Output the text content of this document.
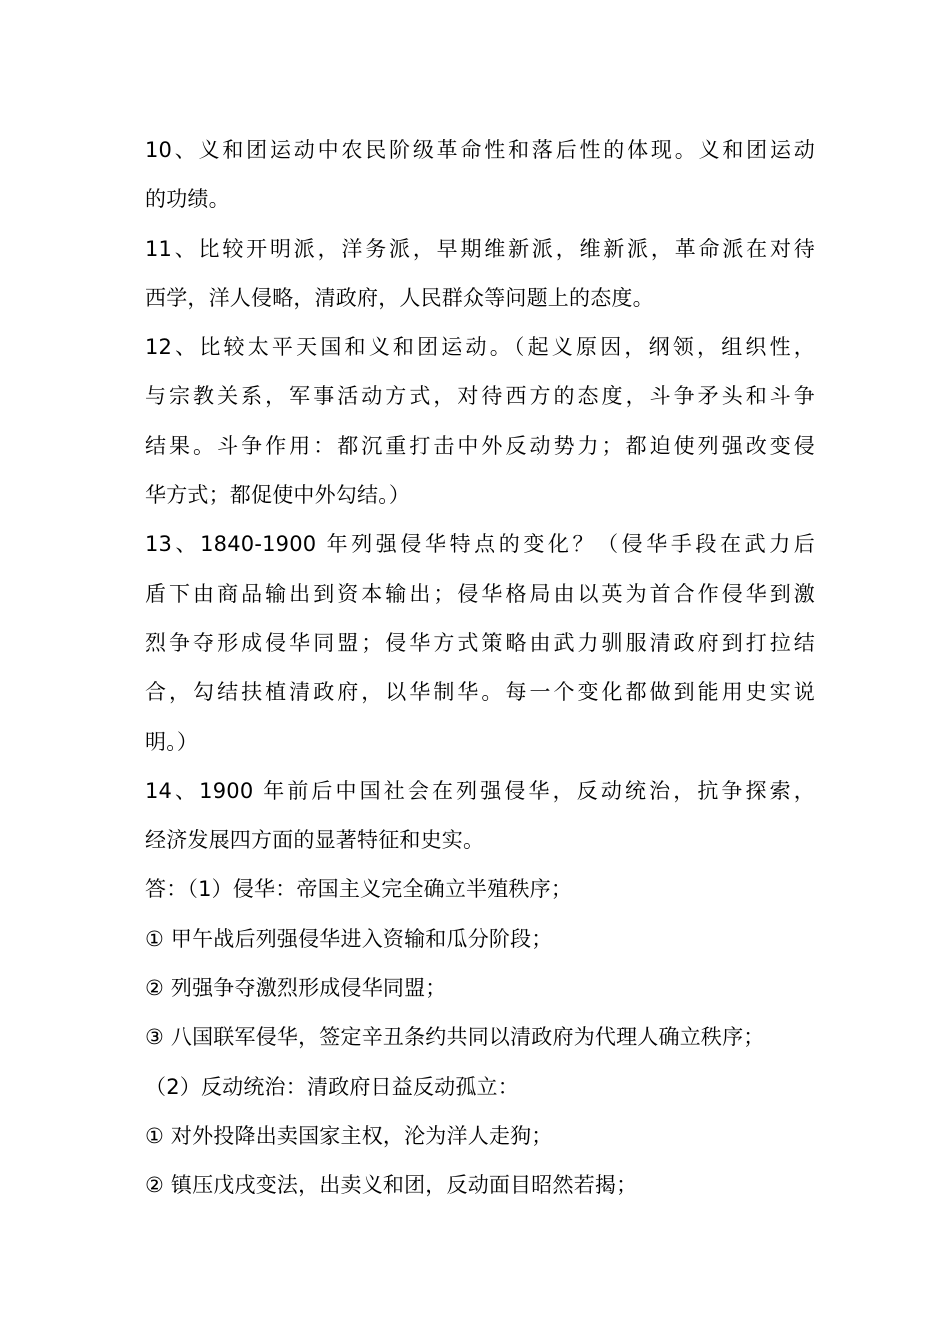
10、义和团运动中农民阶级革命性和落后性的体现。义和团运动
的功绩。
11、比较开明派，洋务派，早期维新派，维新派，革命派在对待
西学，洋人侵略，清政府，人民群众等问题上的态度。
12、比较太平天国和义和团运动。（起义原因，纲领，组织性，
与宗教关系，军事活动方式，对待西方的态度，斗争矛头和斗争
结果。斗争作用：都沉重打击中外反动势力；都迫使列强改变侵
华方式；都促使中外勾结。）
13、1840-1900 年列强侵华特点的变化？（侵华手段在武力后
盾下由商品输出到资本输出；侵华格局由以英为首合作侵华到激
烈争夺形成侵华同盟；侵华方式策略由武力驯服清政府到打拉结
合，勾结扶植清政府，以华制华。每一个变化都做到能用史实说
明。）
14、1900 年前后中国社会在列强侵华，反动统治，抗争探索，
经济发展四方面的显著特征和史实。
答：（1）侵华：帝国主义完全确立半殖秩序；
① 甲午战后列强侵华进入资输和瓜分阶段；
② 列强争夺激烈形成侵华同盟；
③ 八国联军侵华，签定辛丑条约共同以清政府为代理人确立秩序；
（2）反动统治：清政府日益反动孤立：
① 对外投降出卖国家主权，沦为洋人走狗；
② 镇压戊戌变法，出卖义和团，反动面目昭然若揭；
